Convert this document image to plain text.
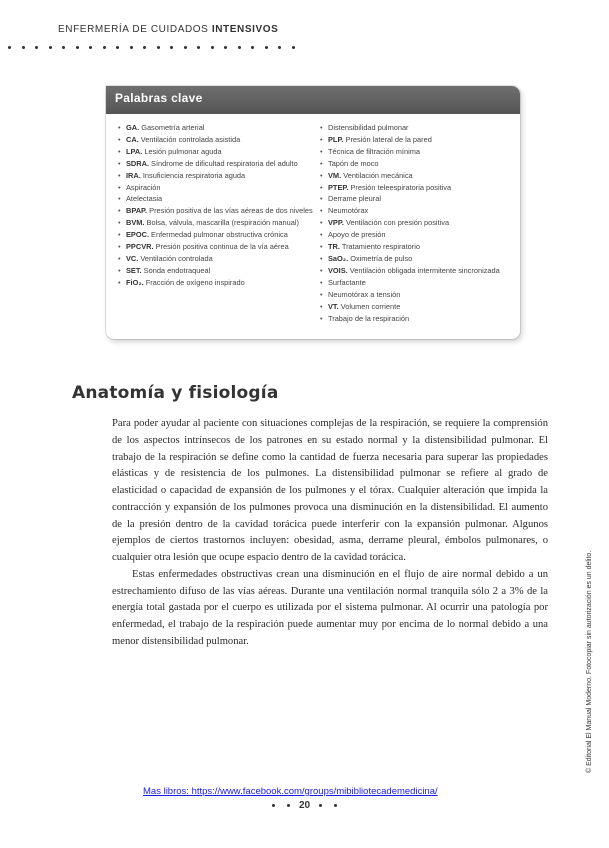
ENFERMERÍA DE CUIDADOS INTENSIVOS
Palabras clave
• GA. Gasometría arterial
• CA. Ventilación controlada asistida
• LPA. Lesión pulmonar aguda
• SDRA. Síndrome de dificultad respiratoria del adulto
• IRA. Insuficiencia respiratoria aguda
• Aspiración
• Atelectasia
• BPAP. Presión positiva de las vías aéreas de dos niveles
• BVM. Bolsa, válvula, mascarilla (respiración manual)
• EPOC. Enfermedad pulmonar obstructiva crónica
• PPCVR. Presión positiva continua de la vía aérea
• VC. Ventilación controlada
• SET. Sonda endotraqueal
• FiO₂. Fracción de oxígeno inspirado
• Distensibilidad pulmonar
• PLP. Presión lateral de la pared
• Técnica de filtración mínima
• Tapón de moco
• VM. Ventilación mecánica
• PTEP. Presión teleespiratoria positiva
• Derrame pleural
• Neumotórax
• VPP. Ventilación con presión positiva
• Apoyo de presión
• TR. Tratamiento respiratorio
• SaO₂. Oximetría de pulso
• VOIS. Ventilación obligada intermitente sincronizada
• Surfactante
• Neumotórax a tensión
• VT. Volumen corriente
• Trabajo de la respiración
Anatomía y fisiología

Para poder ayudar al paciente con situaciones complejas de la respiración, se requiere la comprensión de los aspectos intrínsecos de los patrones en su estado normal y la distensibilidad pulmonar. El trabajo de la respiración se define como la cantidad de fuerza necesaria para superar las propiedades elásticas y de resistencia de los pulmones. La distensibilidad pulmonar se refiere al grado de elasticidad o capacidad de expansión de los pulmones y el tórax. Cualquier alteración que impida la contracción y expansión de los pulmones provoca una disminución en la distensibilidad. El aumento de la presión dentro de la cavidad torácica puede interferir con la expansión pulmonar. Algunos ejemplos de ciertos trastornos incluyen: obesidad, asma, derrame pleural, émbolos pulmonares, o cualquier otra lesión que ocupe espacio dentro de la cavidad torácica.

Estas enfermedades obstructivas crean una disminución en el flujo de aire normal debido a un estrechamiento difuso de las vías aéreas. Durante una ventilación normal tranquila sólo 2 a 3% de la energía total gastada por el cuerpo es utilizada por el sistema pulmonar. Al ocurrir una patología por enfermedad, el trabajo de la respiración puede aumentar muy por encima de lo normal debido a una menor distensibilidad pulmonar.	© Editorial El Manual Moderno. Fotocopiar sin autorización es un delito.
Mas libros: https://www.facebook.com/groups/mibibliotecademedicina/
20
